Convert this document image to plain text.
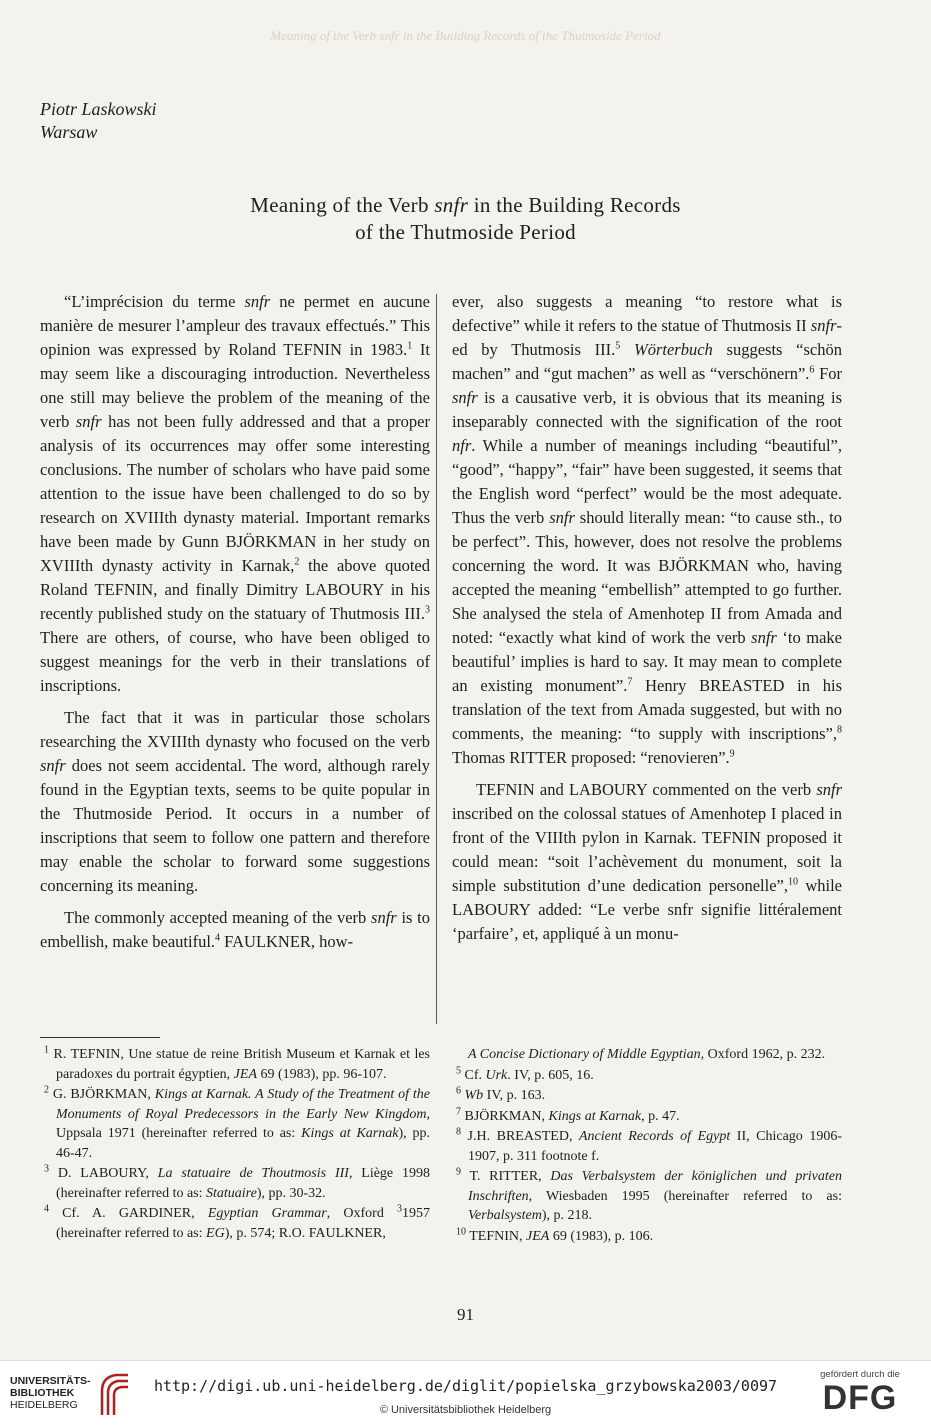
Meaning of the Verb snfr in the Building Records of the Thutmoside Period
Piotr Laskowski
Warsaw
Meaning of the Verb snfr in the Building Records
of the Thutmoside Period

“L’imprécision du terme snfr ne permet en aucune manière de mesurer l’ampleur des travaux effectués.” This opinion was expressed by Roland TEFNIN in 1983.$^1$ It may seem like a discouraging introduction. Nevertheless one still may believe the problem of the meaning of the verb snfr has not been fully addressed and that a proper analysis of its occurrences may offer some interesting conclusions. The number of scholars who have paid some attention to the issue have been challenged to do so by research on XVIIIth dynasty material. Important remarks have been made by Gunn BJÖRKMAN in her study on XVIIIth dynasty activity in Karnak,$^2$ the above quoted Roland TEFNIN, and finally Dimitry LABOURY in his recently published study on the statuary of Thutmosis III.$^3$ There are others, of course, who have been obliged to suggest meanings for the verb in their translations of inscriptions.

The fact that it was in particular those scholars researching the XVIIIth dynasty who focused on the verb snfr does not seem accidental. The word, although rarely found in the Egyptian texts, seems to be quite popular in the Thutmoside Period. It occurs in a number of inscriptions that seem to follow one pattern and therefore may enable the scholar to forward some suggestions concerning its meaning.

The commonly accepted meaning of the verb snfr is to embellish, make beautiful.$^4$ FAULKNER, how-

ever, also suggests a meaning “to restore what is defective” while it refers to the statue of Thutmosis II snfr-ed by Thutmosis III.$^5$ Wörterbuch suggests “schön machen” and “gut machen” as well as “verschönern”.$^6$ For snfr is a causative verb, it is obvious that its meaning is inseparably connected with the signification of the root nfr. While a number of meanings including “beautiful”, “good”, “happy”, “fair” have been suggested, it seems that the English word “perfect” would be the most adequate. Thus the verb snfr should literally mean: “to cause sth., to be perfect”. This, however, does not resolve the problems concerning the word. It was BJÖRKMAN who, having accepted the meaning “embellish” attempted to go further. She analysed the stela of Amenhotep II from Amada and noted: “exactly what kind of work the verb snfr ‘to make beautiful’ implies is hard to say. It may mean to complete an existing monument”.$^7$ Henry BREASTED in his translation of the text from Amada suggested, but with no comments, the meaning: “to supply with inscriptions”,$^8$ Thomas RITTER proposed: “renovieren”.$^9$

TEFNIN and LABOURY commented on the verb snfr inscribed on the colossal statues of Amenhotep I placed in front of the VIIIth pylon in Karnak. TEFNIN proposed it could mean: “soit l’achèvement du monument, soit la simple substitution d’une dedication personelle”,$^{10}$ while LABOURY added: “Le verbe snfr signifie littéralement ‘parfaire’, et, appliqué à un monu-

$^1$ R. TEFNIN, Une statue de reine British Museum et Karnak et les paradoxes du portrait égyptien, JEA 69 (1983), pp. 96-107.

$^2$ G. BJÖRKMAN, Kings at Karnak. A Study of the Treatment of the Monuments of Royal Predecessors in the Early New Kingdom, Uppsala 1971 (hereinafter referred to as: Kings at Karnak), pp. 46-47.

$^3$ D. LABOURY, La statuaire de Thoutmosis III, Liège 1998 (hereinafter referred to as: Statuaire), pp. 30-32.

$^4$ Cf. A. GARDINER, Egyptian Grammar, Oxford $^3$1957 (hereinafter referred to as: EG), p. 574; R.O. FAULKNER,

A Concise Dictionary of Middle Egyptian, Oxford 1962, p. 232.

$^5$ Cf. Urk. IV, p. 605, 16.

$^6$ Wb IV, p. 163.

$^7$ BJÖRKMAN, Kings at Karnak, p. 47.

$^8$ J.H. BREASTED, Ancient Records of Egypt II, Chicago 1906-1907, p. 311 footnote f.

$^9$ T. RITTER, Das Verbalsystem der königlichen und privaten Inschriften, Wiesbaden 1995 (hereinafter referred to as: Verbalsystem), p. 218.

$^{10}$ TEFNIN, JEA 69 (1983), p. 106.

91
UNIVERSITÄTS-
BIBLIOTHEK
HEIDELBERG
http://digi.ub.uni-heidelberg.de/diglit/popielska_grzybowska2003/0097
© Universitätsbibliothek Heidelberg
gefördert durch die
DFG
